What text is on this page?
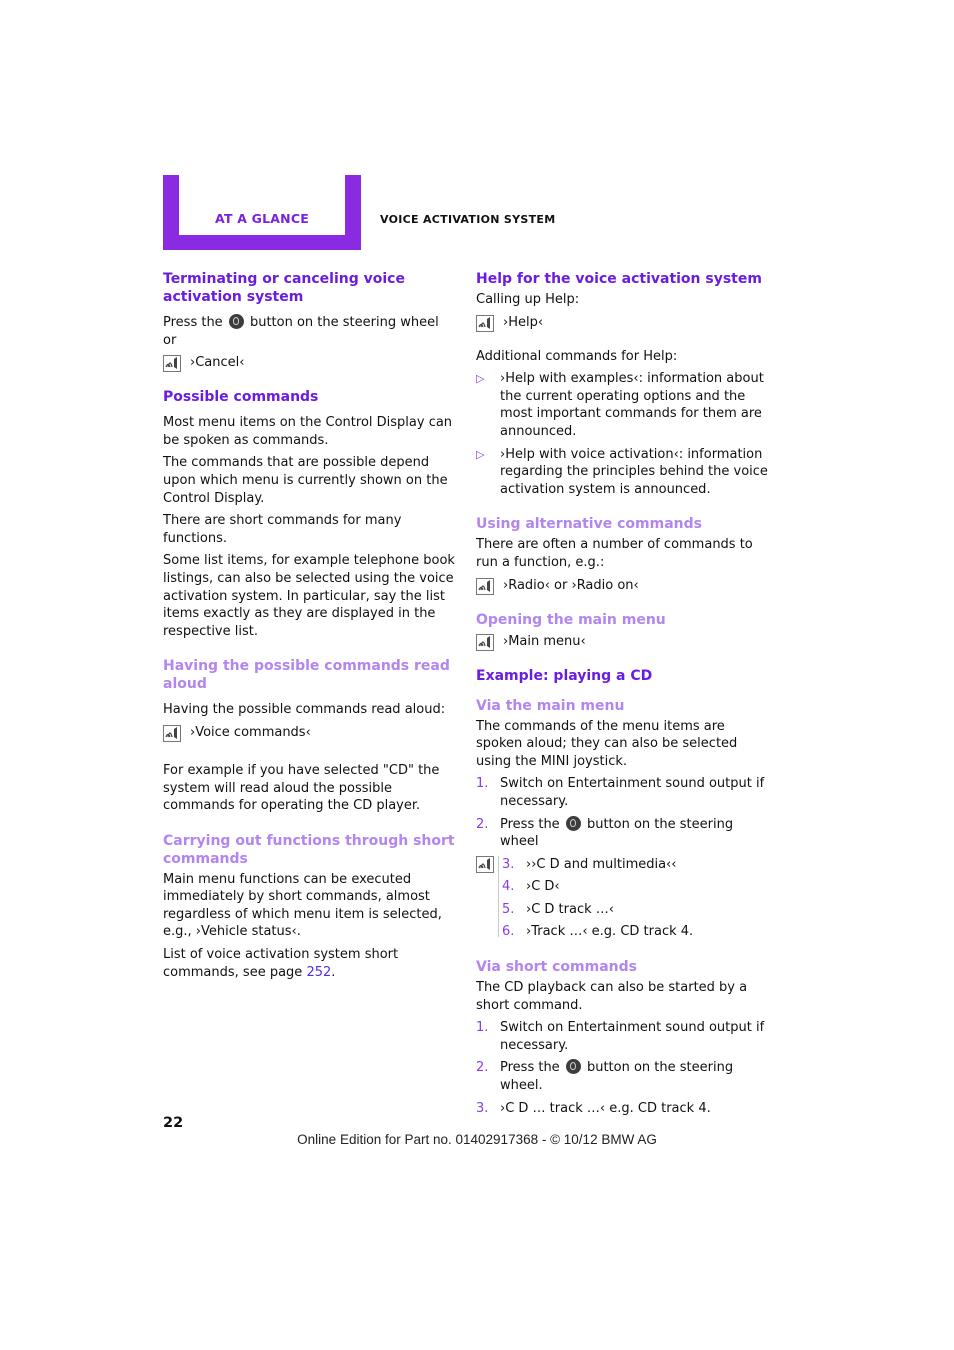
AT A GLANCE	VOICE ACTIVATION SYSTEM
Terminating or canceling voice activation system

Press the button on the steering wheel
or

›Cancel‹
Possible commands

Most menu items on the Control Display can be spoken as commands.

The commands that are possible depend upon which menu is currently shown on the Control Display.

There are short commands for many functions.

Some list items, for example telephone book listings, can also be selected using the voice activation system. In particular, say the list items exactly as they are displayed in the respective list.

Having the possible commands read aloud

Having the possible commands read aloud:

›Voice commands‹

For example if you have selected "CD" the system will read aloud the possible commands for operating the CD player.

Carrying out functions through short commands

Main menu functions can be executed immediately by short commands, almost regardless of which menu item is selected, e.g., ›Vehicle status‹.

List of voice activation system short commands, see page 252.

Help for the voice activation system

Calling up Help:

›Help‹

Additional commands for Help:

▷	›Help with examples‹: information about the current operating options and the most important commands for them are announced.
▷	›Help with voice activation‹: information regarding the principles behind the voice activation system is announced.
Using alternative commands

There are often a number of commands to run a function, e.g.:

›Radio‹ or ›Radio on‹
Opening the main menu
›Main menu‹
Example: playing a CD
Via the main menu

The commands of the menu items are spoken aloud; they can also be selected using the MINI joystick.

1. Switch on Entertainment sound output if necessary.
2. Press the button on the steering wheel
3. ››C D and multimedia‹‹
4. ›C D‹
5. ›C D track …‹
6. ›Track …‹ e.g. CD track 4.
Via short commands

The CD playback can also be started by a short command.

1. Switch on Entertainment sound output if necessary.
2. Press the button on the steering wheel.
3. ›C D … track …‹ e.g. CD track 4.
22
Online Edition for Part no. 01402917368 - © 10/12 BMW AG
